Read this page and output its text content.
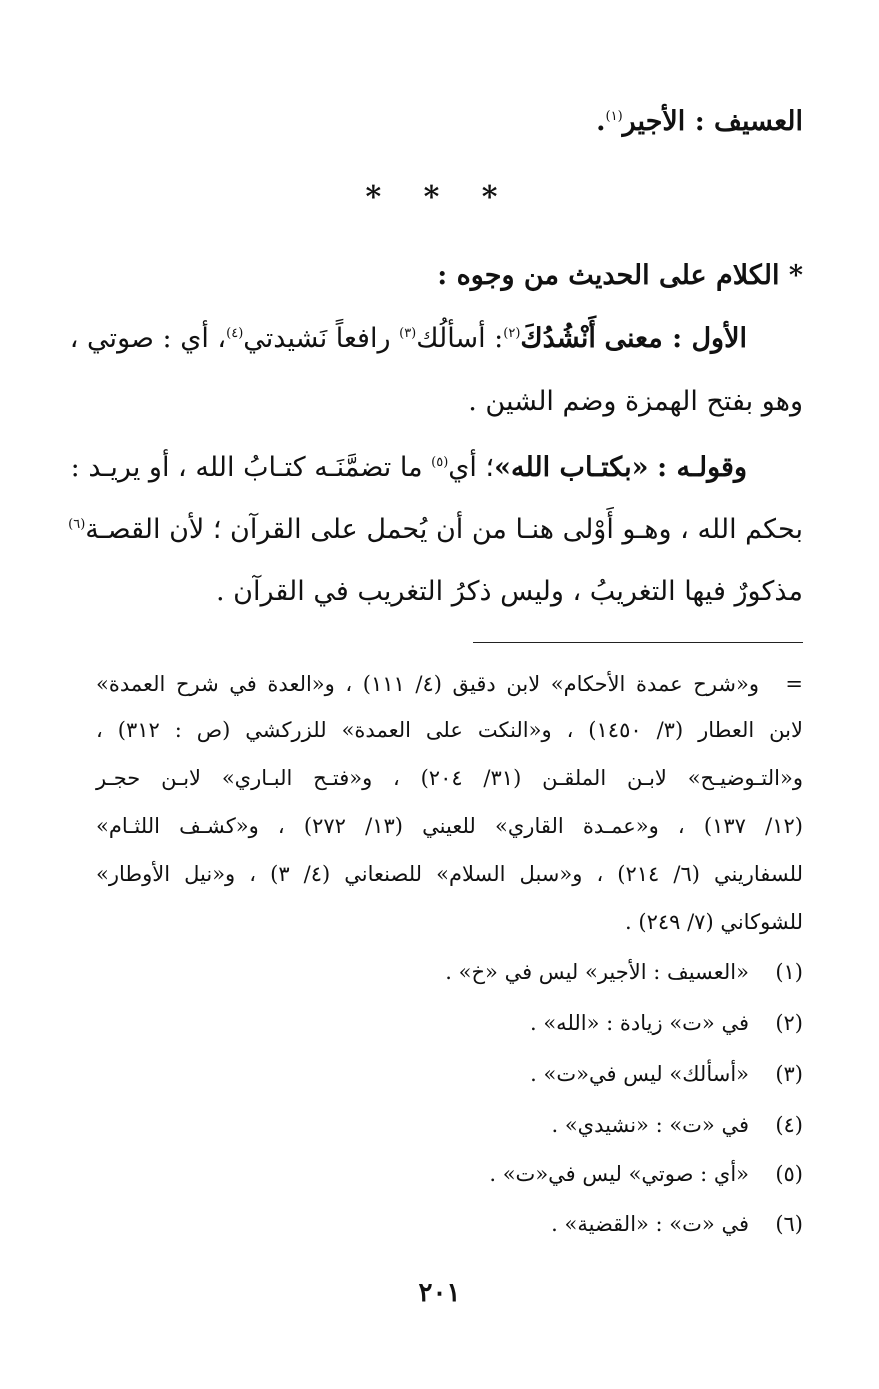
العسيف : الأجير$^{(١)}$.
* * *
* الكلام على الحديث من وجوه :
الأول : معنى أَنْشُدُكَ$^{(٢)}$: أسألُك$^{(٣)}$ رافعاً نَشيدتي$^{(٤)}$، أي : صوتي ،
وهو بفتح الهمزة وضم الشين .
وقولـه : «بكتـاب الله»؛ أي$^{(٥)}$ ما تضمَّنَـه كتـابُ الله ، أو يريـد :
بحكم الله ، وهـو أَوْلى هنـا من أن يُحمل على القرآن ؛ لأن القصـة$^{(٦)}$
مذكورٌ فيها التغريبُ ، وليس ذكرُ التغريب في القرآن .
=
و«شرح عمدة الأحكام» لابن دقيق (٤/ ١١١) ، و«العدة في شرح العمدة»
لابن العطار (٣/ ١٤٥٠) ، و«النكت على العمدة» للزركشي (ص : ٣١٢) ،
و«التـوضيـح» لابـن الملقـن (٣١/ ٢٠٤) ، و«فتـح البـاري» لابـن حجـر
(١٢/ ١٣٧) ، و«عمـدة القاري» للعيني (١٣/ ٢٧٢) ، و«كشـف اللثـام»
للسفاريني (٦/ ٢١٤) ، و«سبل السلام» للصنعاني (٤/ ٣) ، و«نيل الأوطار»
للشوكاني (٧/ ٢٤٩) .
(١)
«العسيف : الأجير» ليس في «خ» .
(٢)
في «ت» زيادة : «الله» .
(٣)
«أسألك» ليس في«ت» .
(٤)
في «ت» : «نشيدي» .
(٥)
«أي : صوتي» ليس في«ت» .
(٦)
في «ت» : «القضية» .
٢٠١
